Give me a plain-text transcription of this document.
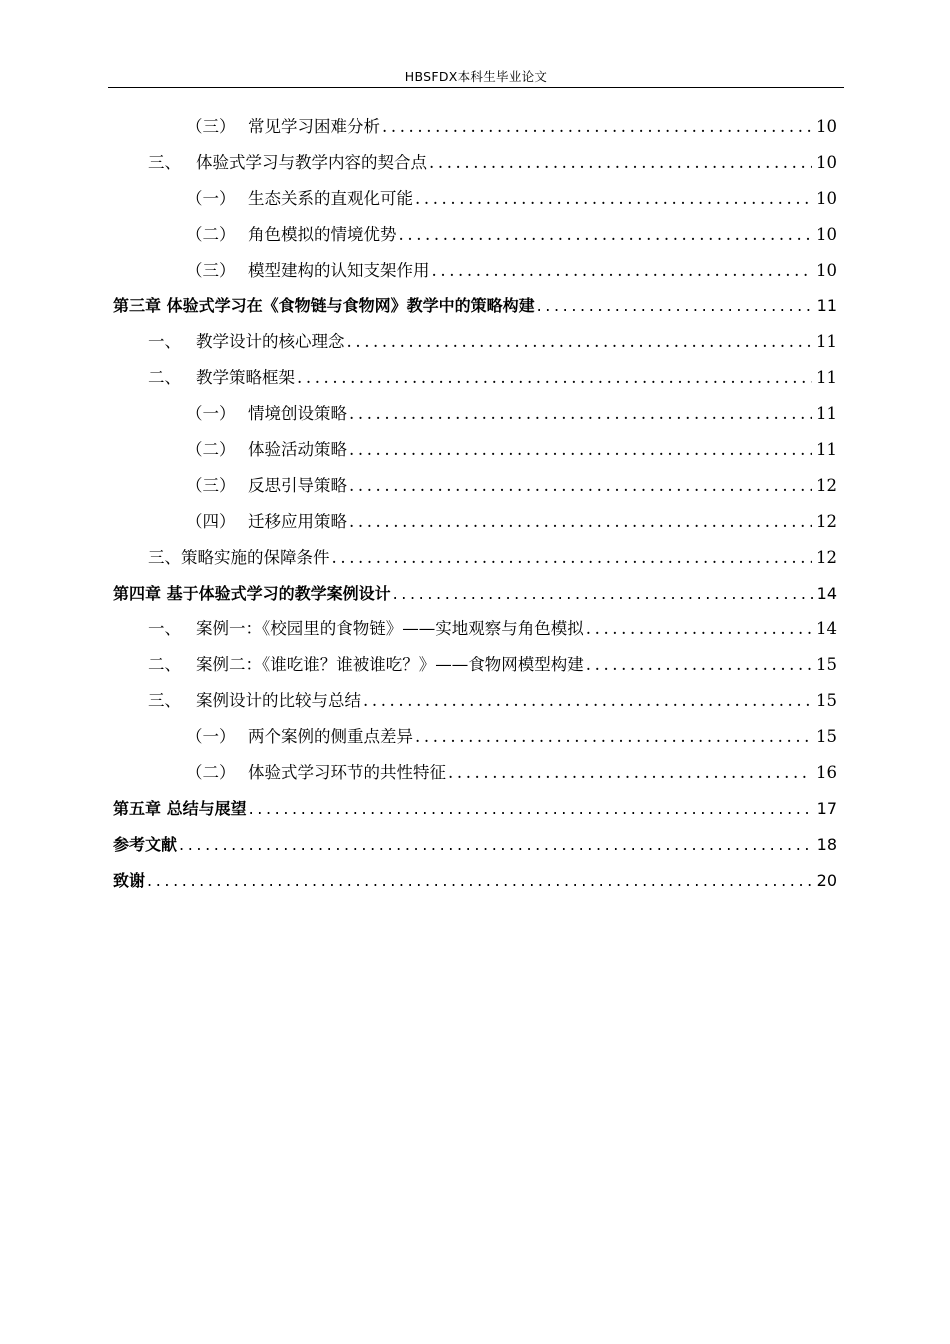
HBSFDX本科生毕业论文
（三） 常见学习困难分析 .....	10
三、 体验式学习与教学内容的契合点 .....	10
（一） 生态关系的直观化可能 .....	10
（二） 角色模拟的情境优势 .....	10
（三） 模型建构的认知支架作用 .....	10
第三章 体验式学习在《食物链与食物网》教学中的策略构建 .....	11
一、 教学设计的核心理念 .....	11
二、 教学策略框架 .....	11
（一） 情境创设策略 .....	11
（二） 体验活动策略 .....	11
（三） 反思引导策略 .....	12
（四） 迁移应用策略 .....	12
三、策略实施的保障条件 .....	12
第四章 基于体验式学习的教学案例设计 .....	14
一、 案例一：《校园里的食物链》——实地观察与角色模拟 .....	14
二、 案例二：《谁吃谁？谁被谁吃？》——食物网模型构建 .....	15
三、 案例设计的比较与总结 .....	15
（一） 两个案例的侧重点差异 .....	15
（二） 体验式学习环节的共性特征 .....	16
第五章 总结与展望 .....	17
参考文献 .....	18
致谢 .....	20
